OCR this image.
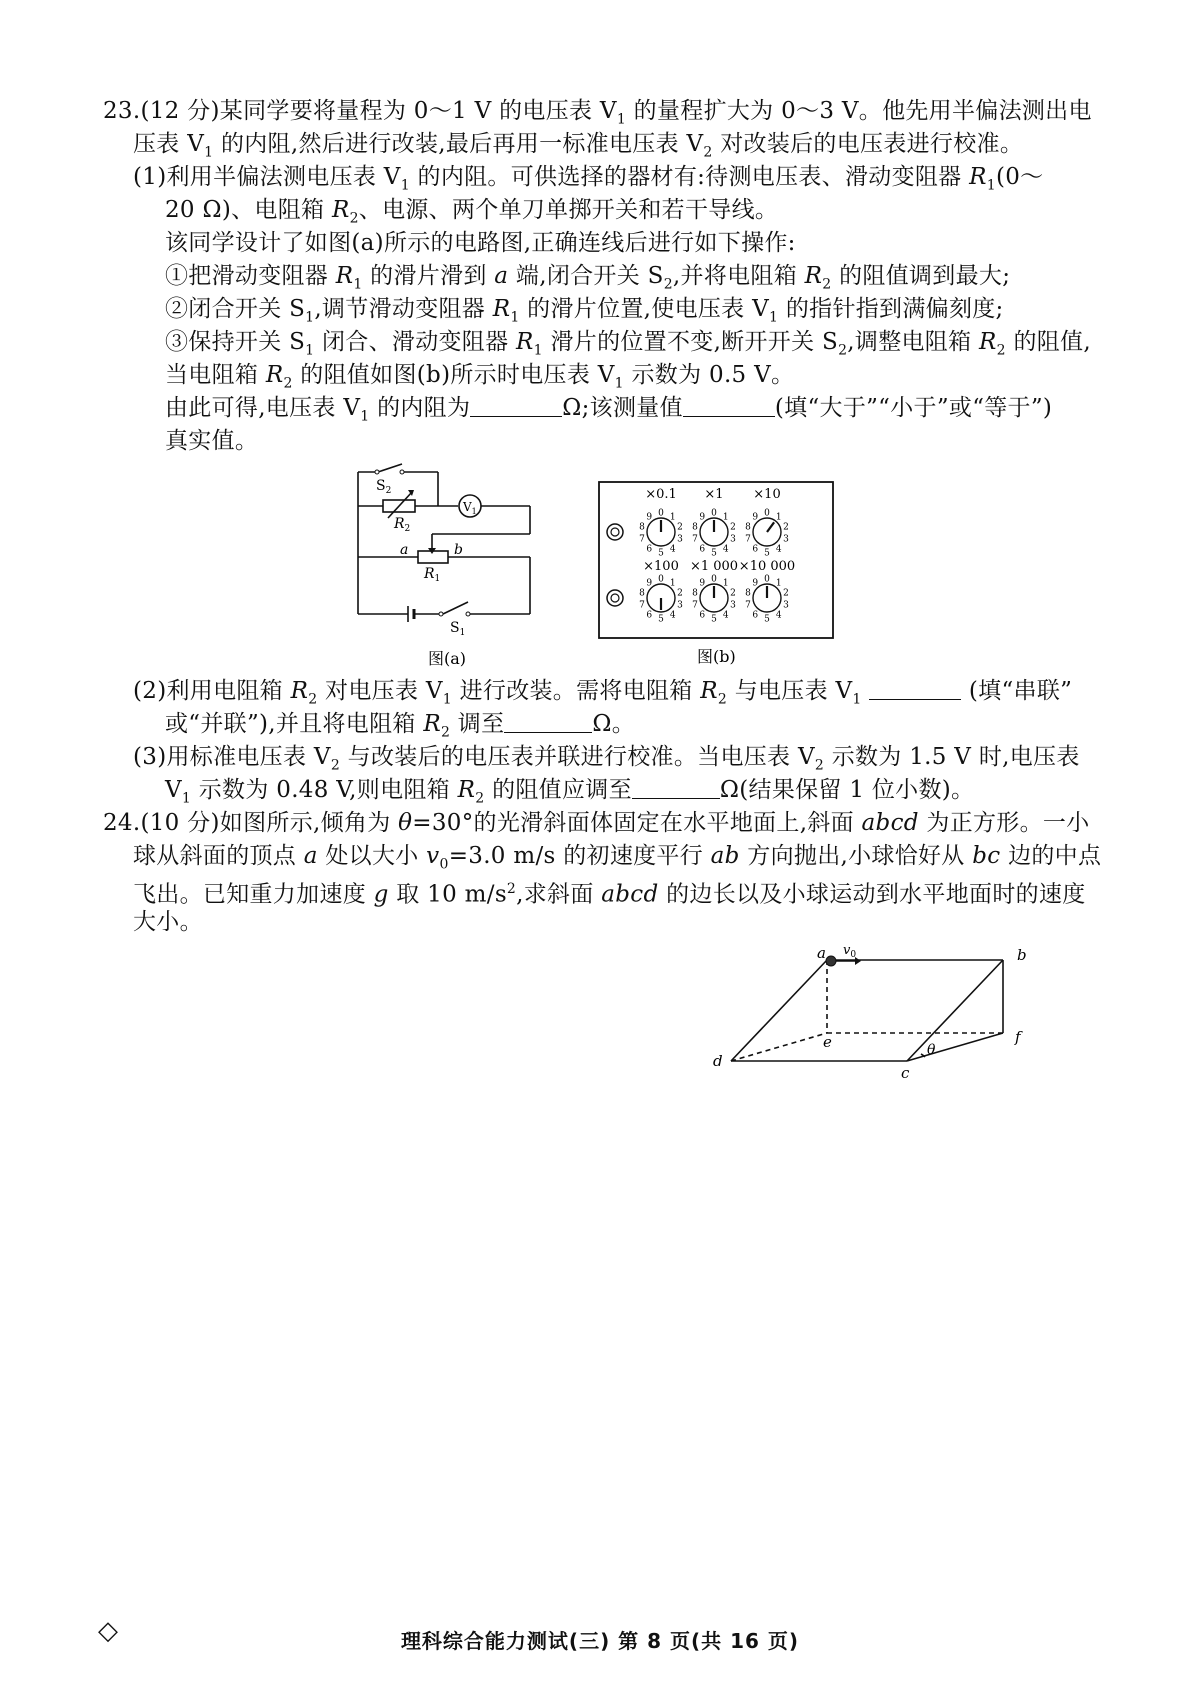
23.(12 分)某同学要将量程为 0～1 V 的电压表 $V_1$ 的量程扩大为 0～3 V。他先用半偏法测出电
压表 $V_1$ 的内阻,然后进行改装,最后再用一标准电压表 $V_2$ 对改装后的电压表进行校准。
(1)利用半偏法测电压表 $V_1$ 的内阻。可供选择的器材有:待测电压表、滑动变阻器 $R_1(0\sim$
20 Ω)、电阻箱 $R_2$、电源、两个单刀单掷开关和若干导线。
该同学设计了如图(a)所示的电路图,正确连线后进行如下操作:
①把滑动变阻器 $R_1$ 的滑片滑到 a 端,闭合开关 $S_2$,并将电阻箱 $R_2$ 的阻值调到最大;
②闭合开关 $S_1$,调节滑动变阻器 $R_1$ 的滑片位置,使电压表 $V_1$ 的指针指到满偏刻度;
③保持开关 $S_1$ 闭合、滑动变阻器 $R_1$ 滑片的位置不变,断开开关 $S_2$,调整电阻箱 $R_2$ 的阻值,
当电阻箱 $R_2$ 的阻值如图(b)所示时电压表 $V_1$ 示数为 0.5 V。
由此可得,电压表 $V_1$ 的内阻为	Ω;该测量值	(填“大于”“小于”或“等于”)
真实值。
$S_2$
$R_2$
$V_1$
a	b
$R_1$
$S_1$
图(a)
×0.1
0 1
2
3
4
5
6
7
8
9
×1
0 1
2
3
4
5
6
7
8
9
×10
0 1
2
3
4
5
6
7
8
9
×100
0 1
2
3
4
5
6
7
8
9
×1 000
0 1
2
3
4
5
6
7
8
9
×10 000
0 1
2
3
4
5
6
7
8
9
图(b)
(2)利用电阻箱 $R_2$ 对电压表 $V_1$ 进行改装。需将电阻箱 $R_2$ 与电压表 $V_1$	(填“串联”
或“并联”),并且将电阻箱 $R_2$ 调至	Ω。
(3)用标准电压表 $V_2$ 与改装后的电压表并联进行校准。当电压表 $V_2$ 示数为 1.5 V 时,电压表
$V_1$ 示数为 0.48 V,则电阻箱 $R_2$ 的阻值应调至	Ω(结果保留 1 位小数)。
24.(10 分)如图所示,倾角为 θ=30°的光滑斜面体固定在水平地面上,斜面 abcd 为正方形。一小
球从斜面的顶点 a 处以大小 $v_0=3.0$ m/s 的初速度平行 ab 方向抛出,小球恰好从 bc 边的中点
飞出。已知重力加速度 g 取 10 $m/s^2$,求斜面 abcd 的边长以及小球运动到水平地面时的速度
大小。
a $v_0$	b
d
e
c
f
θ
◇	理科综合能力测试(三) 第 8 页(共 16 页)
